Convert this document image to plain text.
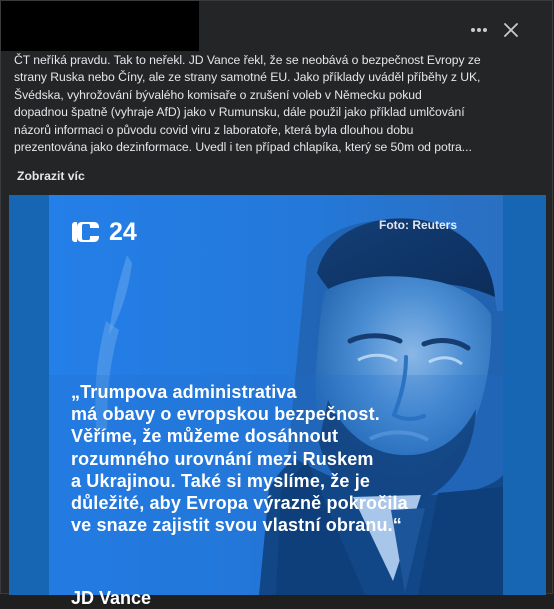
ČT neříká pravdu. Tak to neřekl. JD Vance řekl, že se neobává o bezpečnost Evropy ze
strany Ruska nebo Číny, ale ze strany samotné EU. Jako příklady uváděl příběhy z UK,
Švédska, vyhrožování bývalého komisaře o zrušení voleb v Německu pokud
dopadnou špatně (vyhraje AfD) jako v Rumunsku, dále použil jako příklad umlčování
názorů informaci o původu covid viru z laboratoře, která byla dlouhou dobu
prezentována jako dezinformace. Uvedl i ten případ chlapíka, který se 50m od potra...
Zobrazit víc
24	Foto: Reuters
„Trumpova administrativa
má obavy o evropskou bezpečnost.
Věříme, že můžeme dosáhnout
rozumného urovnání mezi Ruskem
a Ukrajinou. Také si myslíme, že je
důležité, aby Evropa výrazně pokročila
ve snaze zajistit svou vlastní obranu.“
JD Vance
